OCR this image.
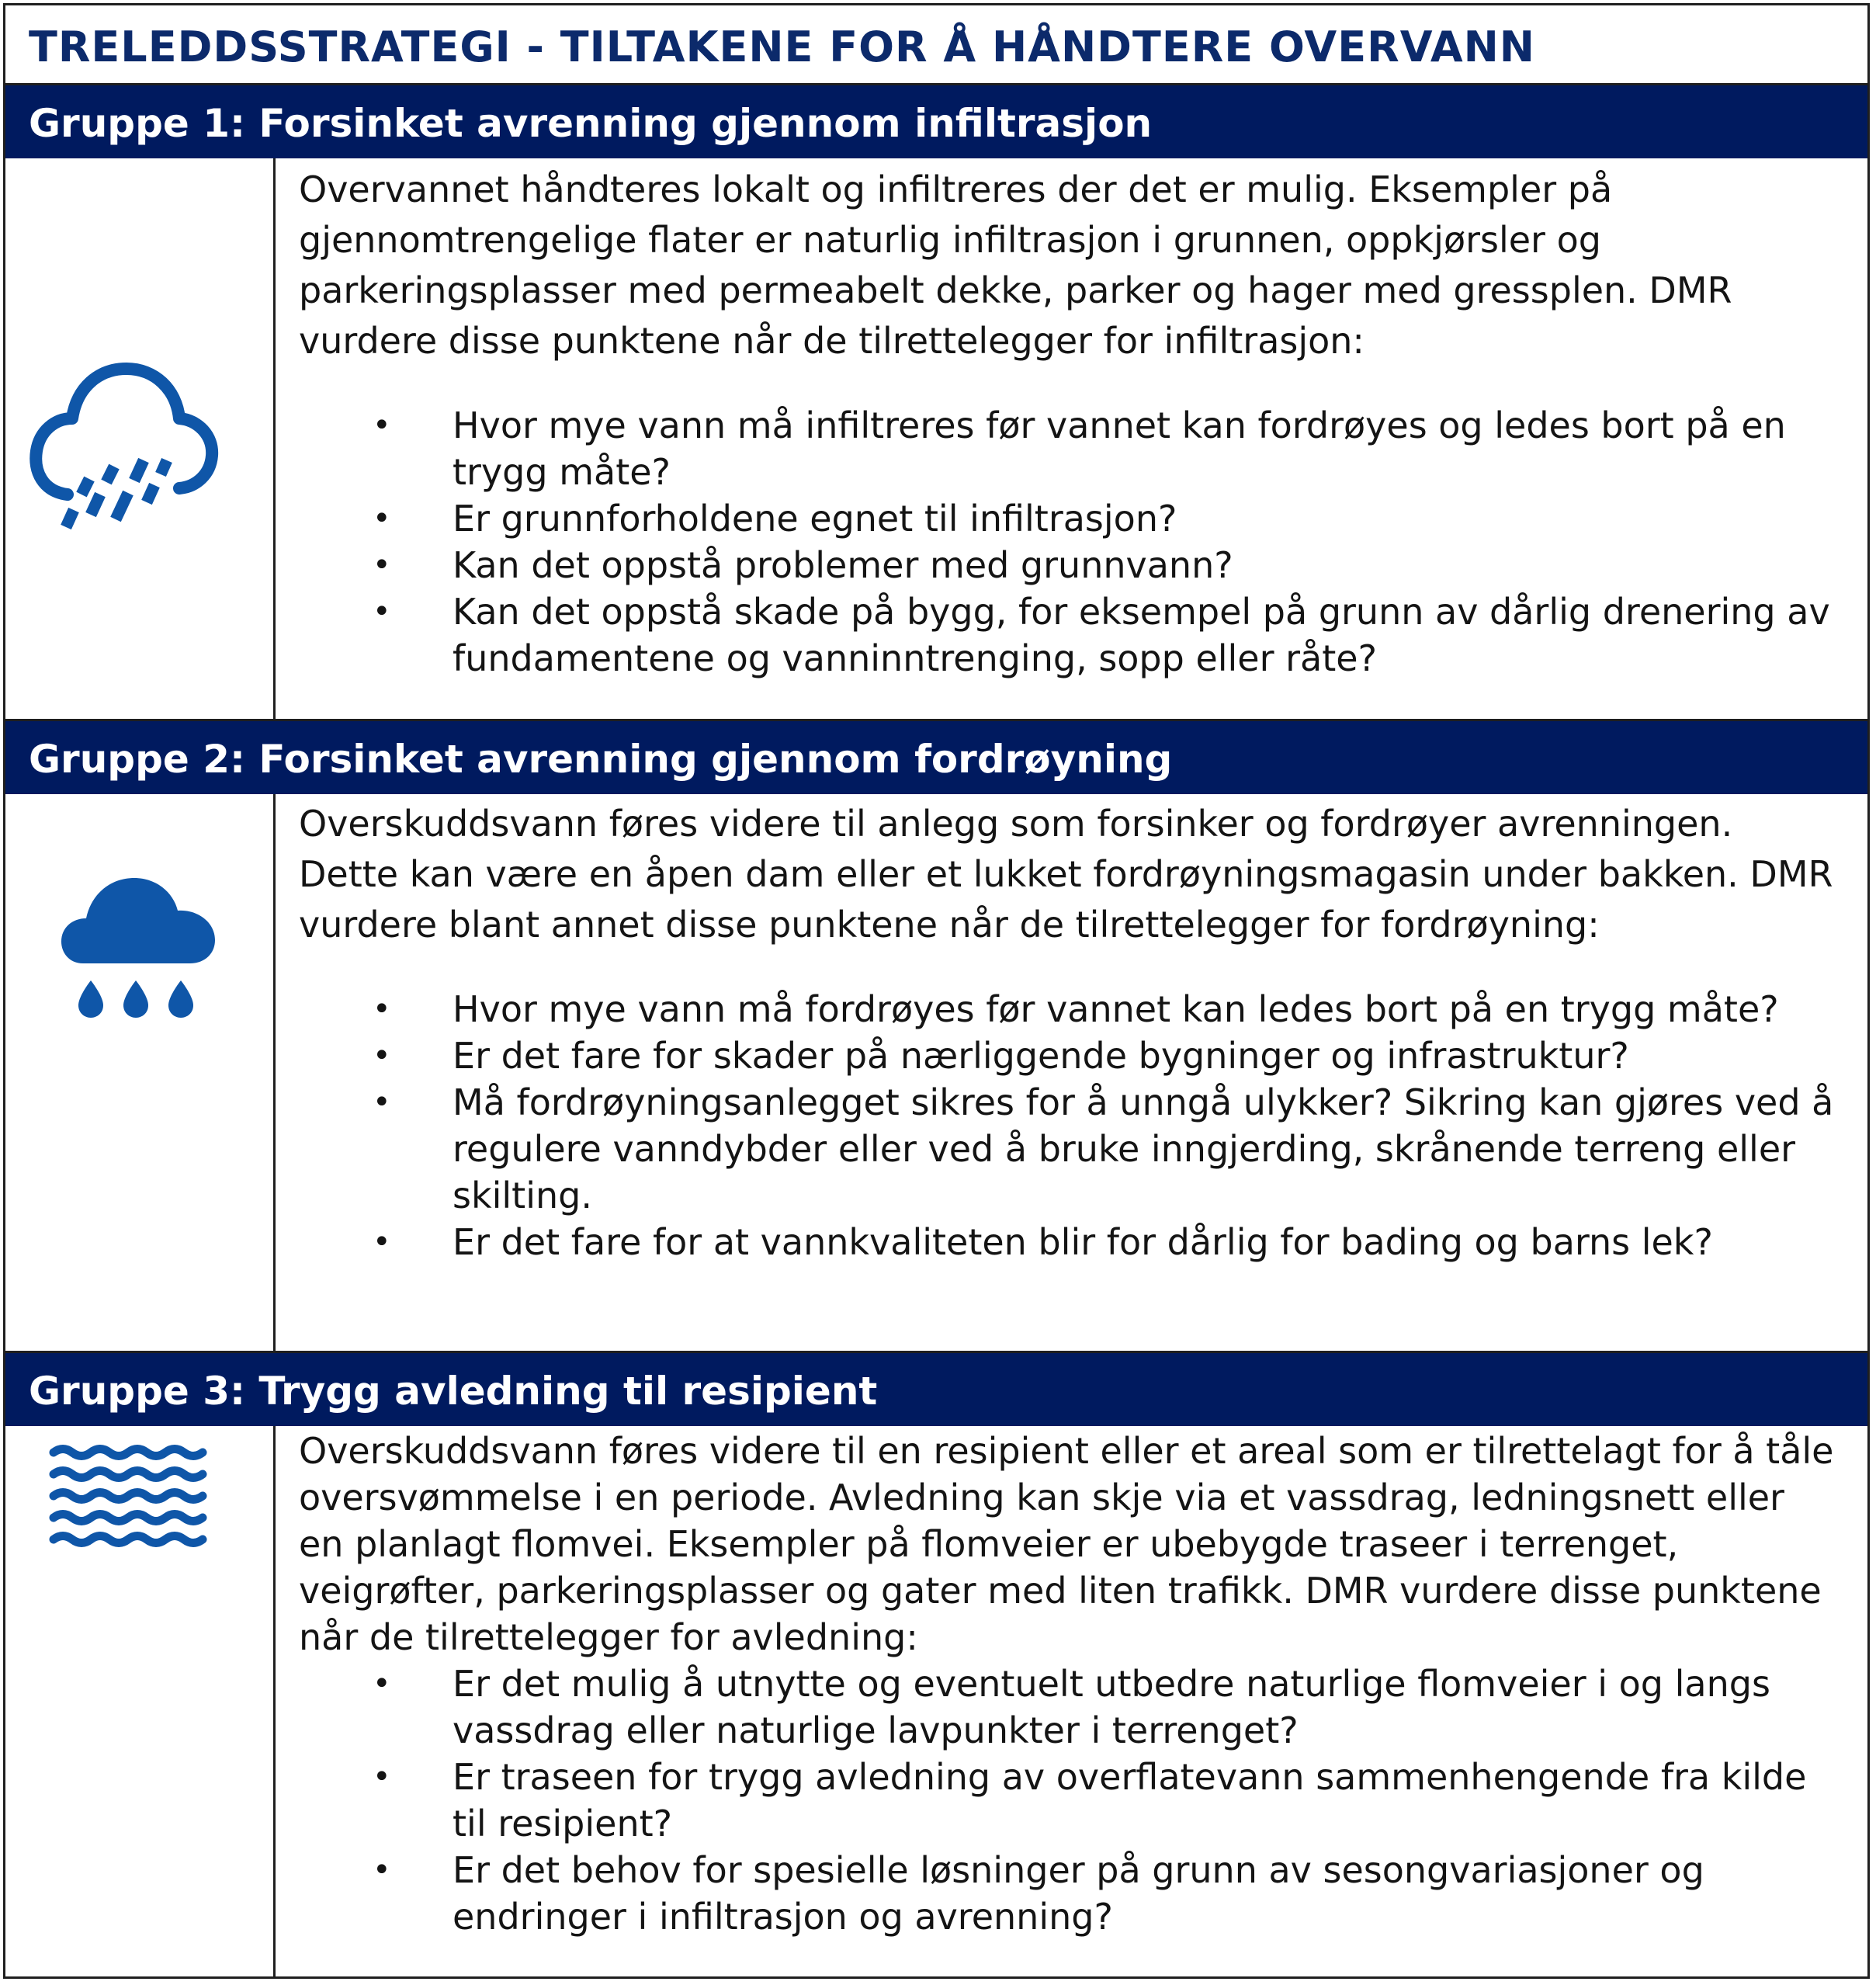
TRELEDDSSTRATEGI - TILTAKENE FOR Å HÅNDTERE OVERVANN
Gruppe 1: Forsinket avrenning gjennom infiltrasjon

Overvannet håndteres lokalt og infiltreres der det er mulig. Eksempler på gjennomtrengelige flater er naturlig infiltrasjon i grunnen, oppkjørsler og parkeringsplasser med permeabelt dekke, parker og hager med gressplen. DMR vurdere disse punktene når de tilrettelegger for infiltrasjon:

• Hvor mye vann må infiltreres før vannet kan fordrøyes og ledes bort på en trygg måte?
• Er grunnforholdene egnet til infiltrasjon?
• Kan det oppstå problemer med grunnvann?
• Kan det oppstå skade på bygg, for eksempel på grunn av dårlig drenering av fundamentene og vanninntrenging, sopp eller råte?
Gruppe 2: Forsinket avrenning gjennom fordrøyning

Overskuddsvann føres videre til anlegg som forsinker og fordrøyer avrenningen. Dette kan være en åpen dam eller et lukket fordrøyningsmagasin under bakken. DMR vurdere blant annet disse punktene når de tilrettelegger for fordrøyning:

• Hvor mye vann må fordrøyes før vannet kan ledes bort på en trygg måte?
• Er det fare for skader på nærliggende bygninger og infrastruktur?
• Må fordrøyningsanlegget sikres for å unngå ulykker? Sikring kan gjøres ved å regulere vanndybder eller ved å bruke inngjerding, skrånende terreng eller skilting.
• Er det fare for at vannkvaliteten blir for dårlig for bading og barns lek?
Gruppe 3: Trygg avledning til resipient

Overskuddsvann føres videre til en resipient eller et areal som er tilrettelagt for å tåle oversvømmelse i en periode. Avledning kan skje via et vassdrag, ledningsnett eller en planlagt flomvei. Eksempler på flomveier er ubebygde traseer i terrenget, veigrøfter, parkeringsplasser og gater med liten trafikk. DMR vurdere disse punktene når de tilrettelegger for avledning:

• Er det mulig å utnytte og eventuelt utbedre naturlige flomveier i og langs vassdrag eller naturlige lavpunkter i terrenget?
• Er traseen for trygg avledning av overflatevann sammenhengende fra kilde til resipient?
• Er det behov for spesielle løsninger på grunn av sesongvariasjoner og endringer i infiltrasjon og avrenning?
